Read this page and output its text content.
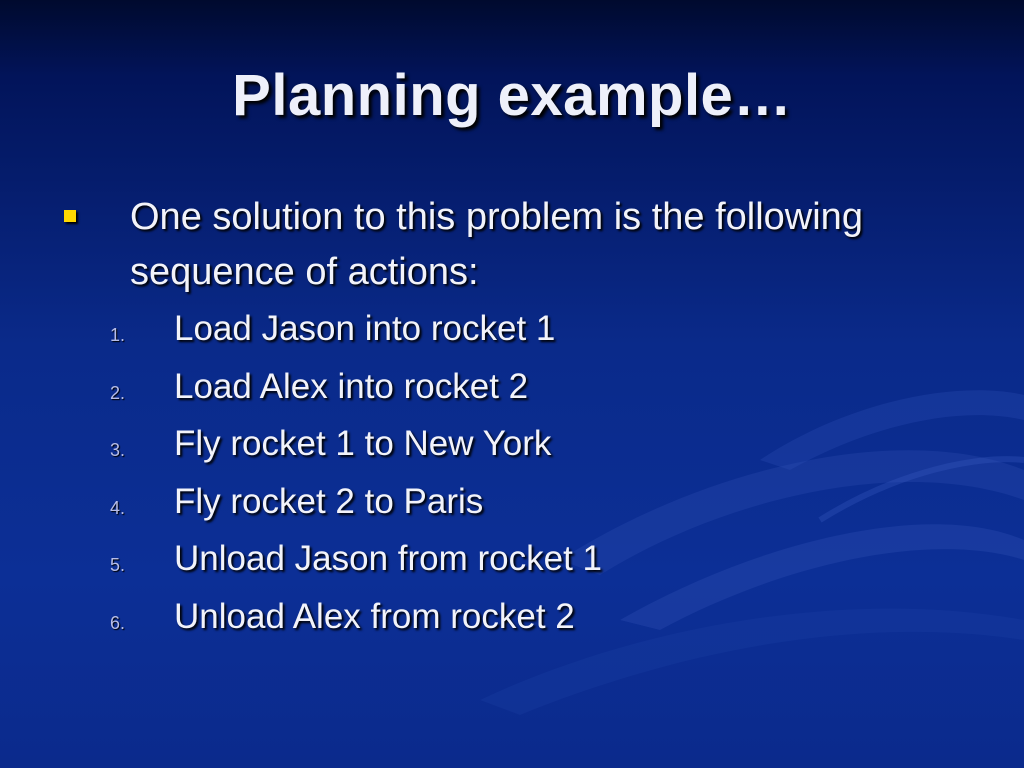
Planning example…
One solution to this problem is the following sequence of actions:
1. Load Jason into rocket 1
2. Load Alex into rocket 2
3. Fly rocket 1 to New York
4. Fly rocket 2 to Paris
5. Unload Jason from rocket 1
6. Unload Alex from rocket 2
